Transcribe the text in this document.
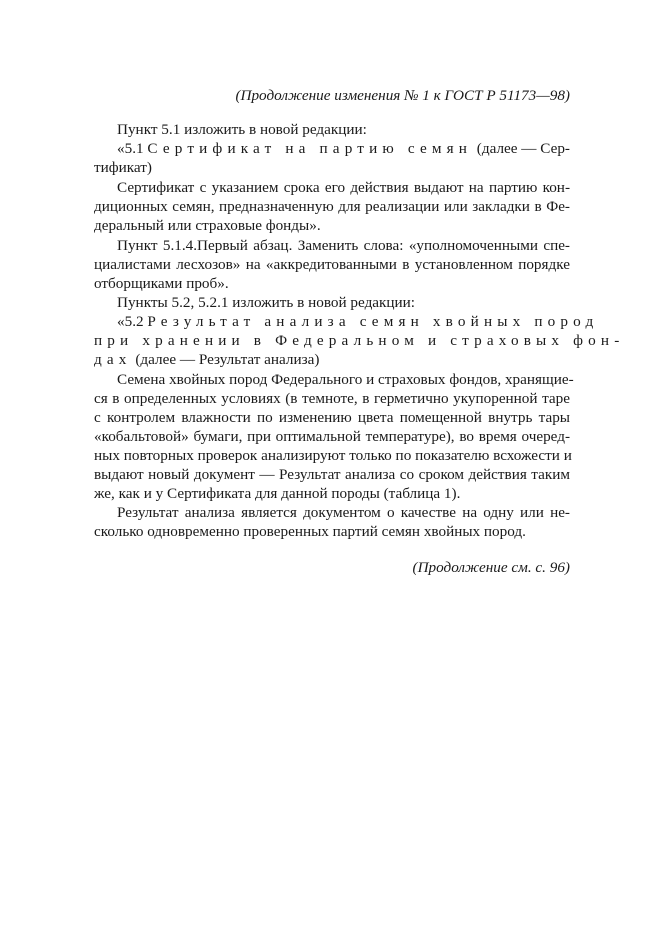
(Продолжение изменения № 1 к ГОСТ Р 51173—98)
Пункт 5.1 изложить в новой редакции:
«5.1 Сертификат на партию семян (далее — Сер-
тификат)
Сертификат с указанием срока его действия выдают на партию кон-
диционных семян, предназначенную для реализации или закладки в Фе-
деральный или страховые фонды».
Пункт 5.1.4.Первый абзац. Заменить слова: «уполномоченными спе-
циалистами лесхозов» на «аккредитованными в установленном порядке
отборщиками проб».
Пункты 5.2, 5.2.1 изложить в новой редакции:
«5.2 Результат анализа семян хвойных пород
при хранении в Федеральном и страховых фон-
дах (далее — Результат анализа)
Семена хвойных пород Федерального и страховых фондов, хранящие-
ся в определенных условиях (в темноте, в герметично укупоренной таре
с контролем влажности по изменению цвета помещенной внутрь тары
«кобальтовой» бумаги, при оптимальной температуре), во время очеред-
ных повторных проверок анализируют только по показателю всхожести и
выдают новый документ — Результат анализа со сроком действия таким
же, как и у Сертификата для данной породы (таблица 1).
Результат анализа является документом о качестве на одну или не-
сколько одновременно проверенных партий семян хвойных пород.
(Продолжение см. с. 96)
